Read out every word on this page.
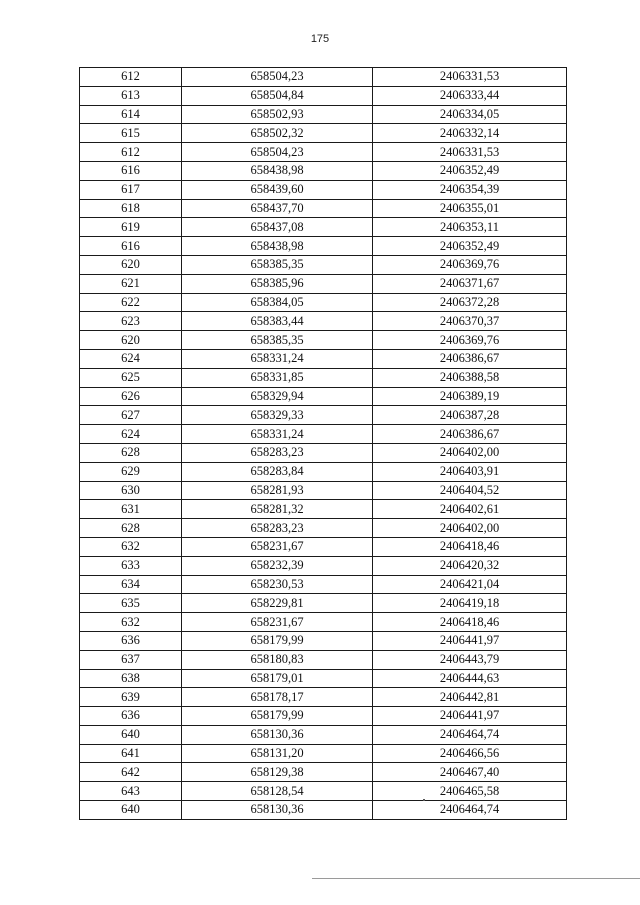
175
612	658504,23	2406331,53
613	658504,84	2406333,44
614	658502,93	2406334,05
615	658502,32	2406332,14
612	658504,23	2406331,53
616	658438,98	2406352,49
617	658439,60	2406354,39
618	658437,70	2406355,01
619	658437,08	2406353,11
616	658438,98	2406352,49
620	658385,35	2406369,76
621	658385,96	2406371,67
622	658384,05	2406372,28
623	658383,44	2406370,37
620	658385,35	2406369,76
624	658331,24	2406386,67
625	658331,85	2406388,58
626	658329,94	2406389,19
627	658329,33	2406387,28
624	658331,24	2406386,67
628	658283,23	2406402,00
629	658283,84	2406403,91
630	658281,93	2406404,52
631	658281,32	2406402,61
628	658283,23	2406402,00
632	658231,67	2406418,46
633	658232,39	2406420,32
634	658230,53	2406421,04
635	658229,81	2406419,18
632	658231,67	2406418,46
636	658179,99	2406441,97
637	658180,83	2406443,79
638	658179,01	2406444,63
639	658178,17	2406442,81
636	658179,99	2406441,97
640	658130,36	2406464,74
641	658131,20	2406466,56
642	658129,38	2406467,40
643	658128,54	2406465,58
640	658130,36	2406464,74
